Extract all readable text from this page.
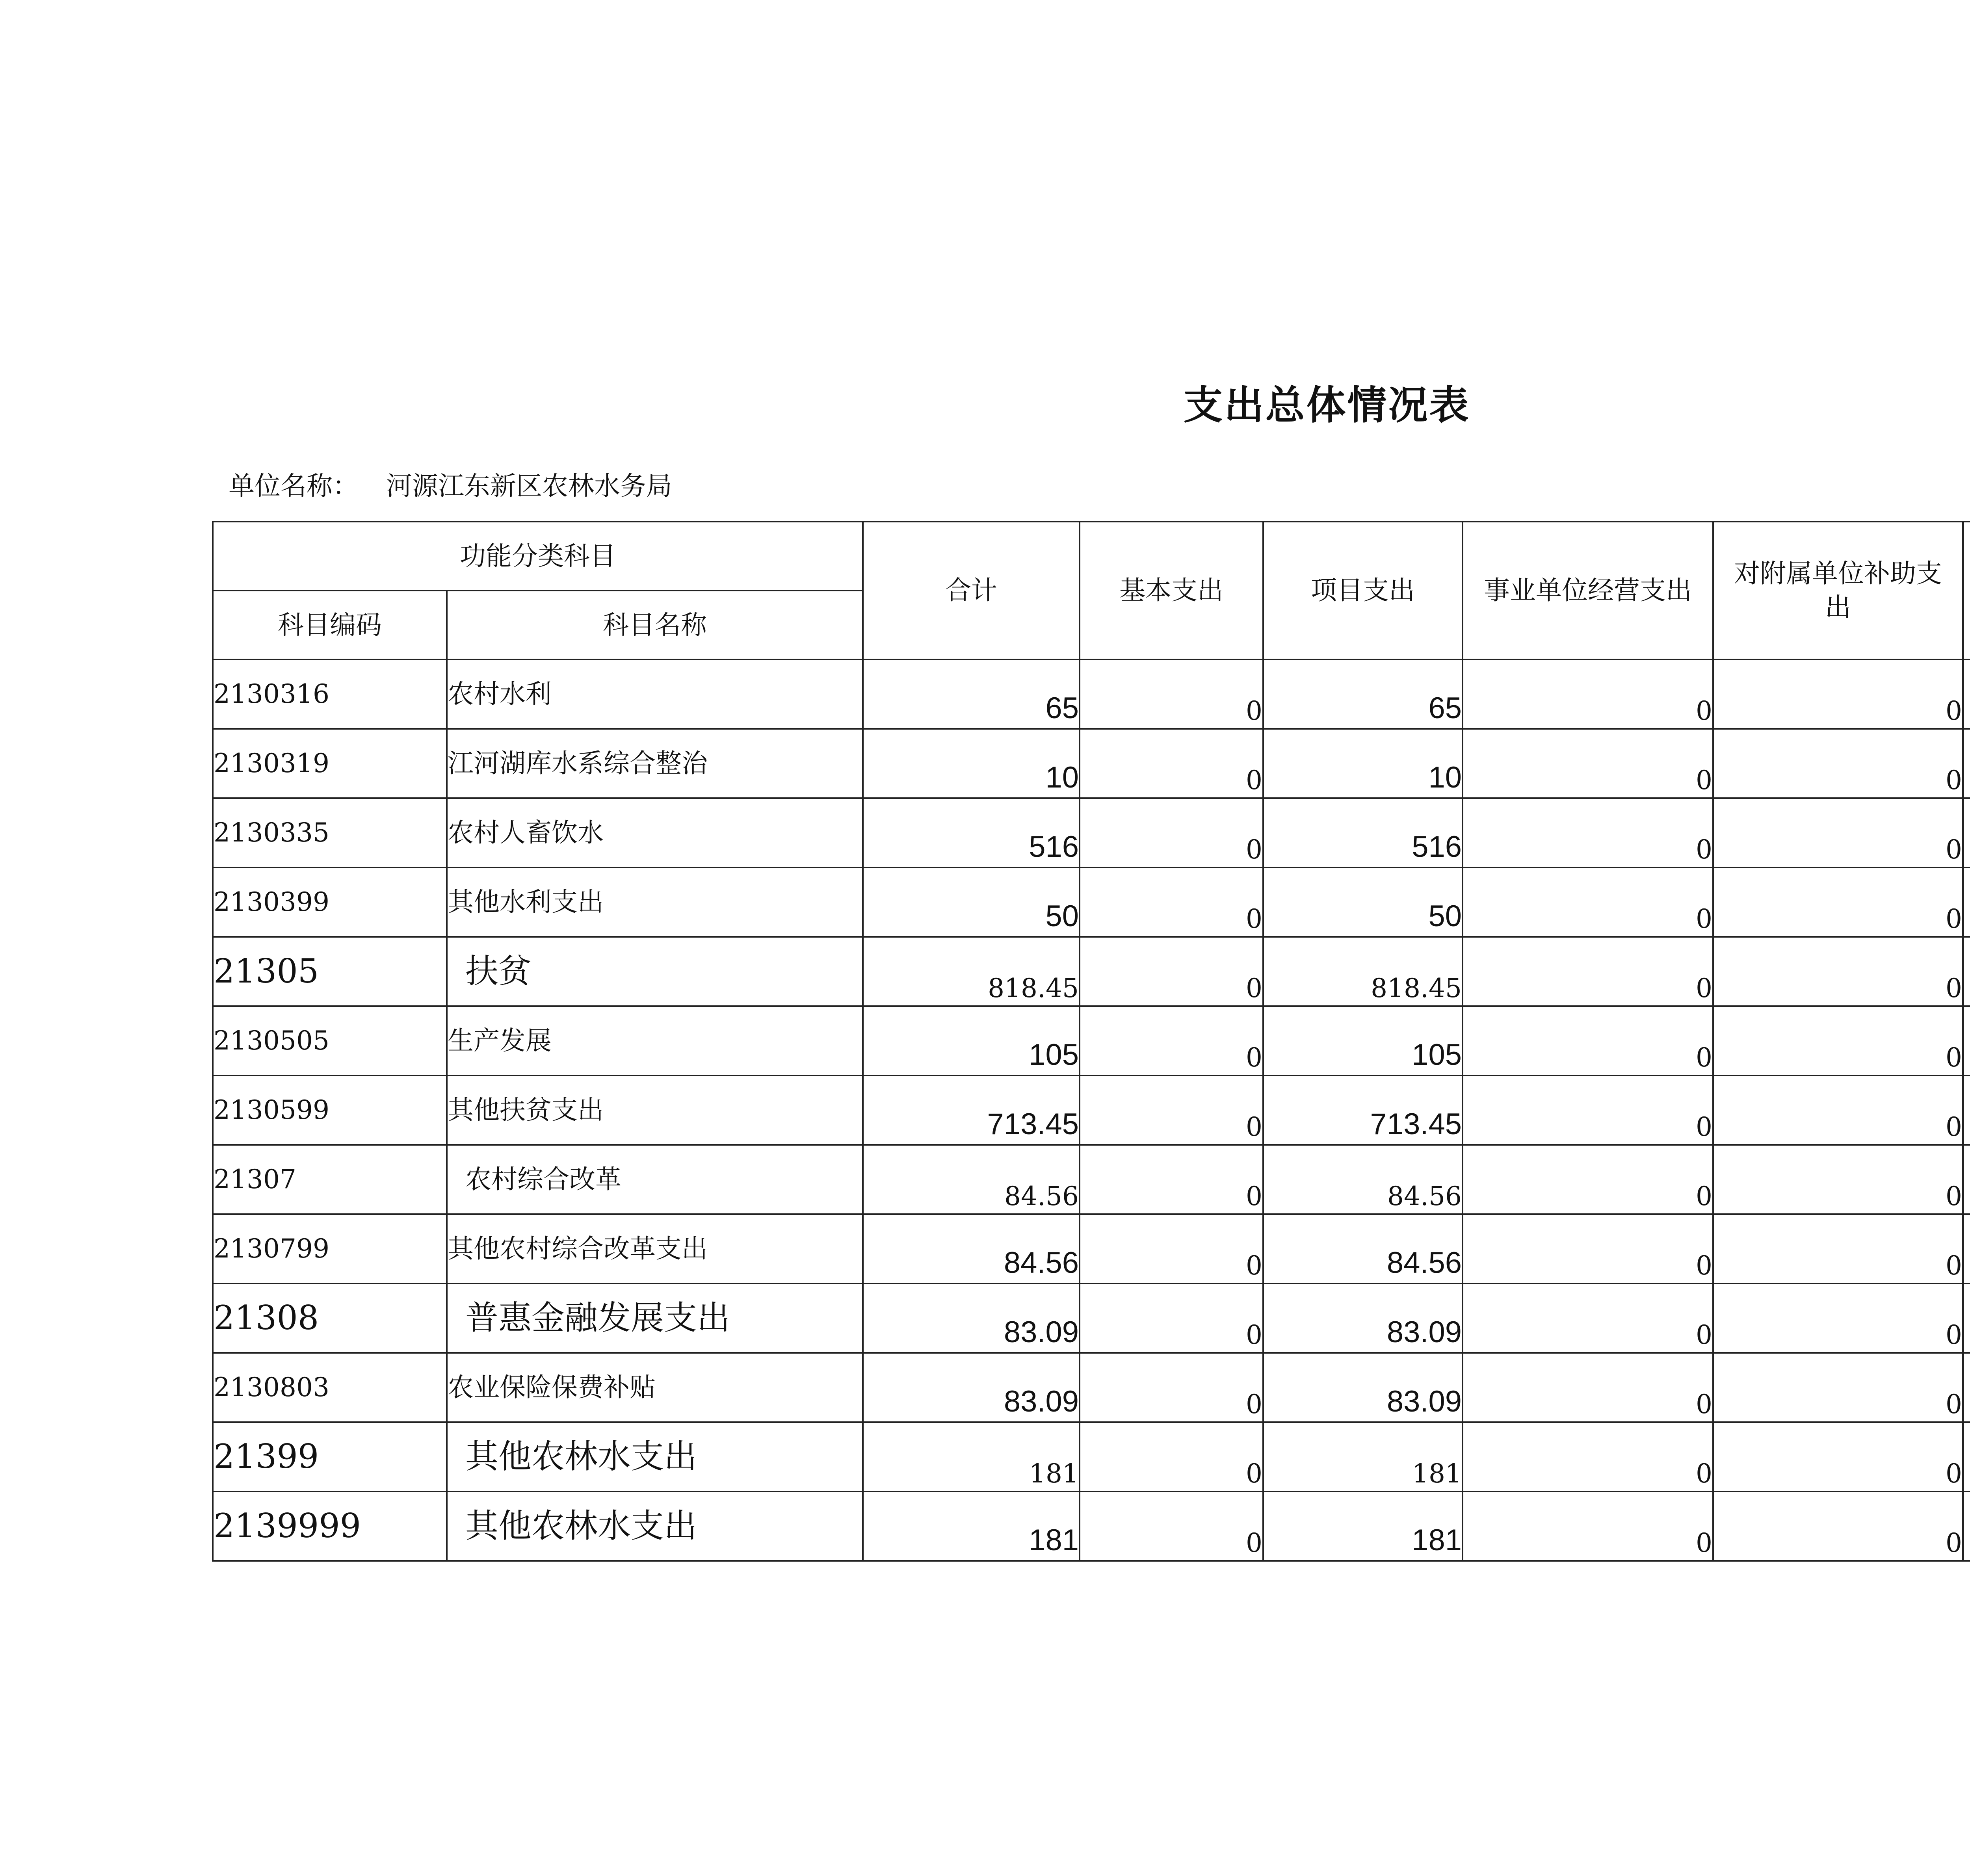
支出总体情况表
单位名称： 河源江东新区农林水务局
功能分类科目		合计	基本支出	项目支出	事业单位经营支出	对附属单位补助支出

科目编码	科目名称							
2130316	农村水利	65	0	65	0	0		
2130319	江河湖库水系综合整治	10	0	10	0	0		
2130335	农村人畜饮水	516	0	516	0	0		
2130399	其他水利支出	50	0	50	0	0		
21305	扶贫	818.45	0	818.45	0	0		
2130505	生产发展	105	0	105	0	0		
2130599	其他扶贫支出	713.45	0	713.45	0	0		
21307	农村综合改革	84.56	0	84.56	0	0		
2130799	其他农村综合改革支出	84.56	0	84.56	0	0		
21308	普惠金融发展支出	83.09	0	83.09	0	0		
2130803	农业保险保费补贴	83.09	0	83.09	0	0		
21399	其他农林水支出	181	0	181	0	0		
2139999	其他农林水支出	181	0	181	0	0		
